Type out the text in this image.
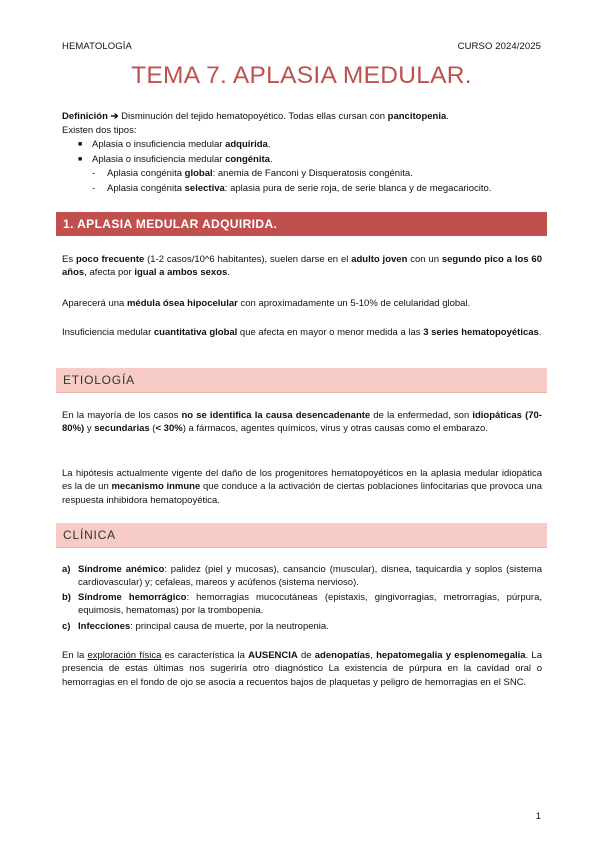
HEMATOLOGÍA	CURSO 2024/2025
TEMA 7. APLASIA MEDULAR.
Definición ➔ Disminución del tejido hematopoyético. Todas ellas cursan con pancitopenia.
Existen dos tipos:
■ Aplasia o insuficiencia medular adquirida.
■ Aplasia o insuficiencia medular congénita.
- Aplasia congénita global: anemia de Fanconi y Disqueratosis congénita.
- Aplasia congénita selectiva: aplasia pura de serie roja, de serie blanca y de megacariocito.
1. APLASIA MEDULAR ADQUIRIDA.
Es poco frecuente (1-2 casos/10^6 habitantes), suelen darse en el adulto joven con un segundo pico a los 60 años, afecta por igual a ambos sexos.
Aparecerá una médula ósea hipocelular con aproximadamente un 5-10% de celularidad global.
Insuficiencia medular cuantitativa global que afecta en mayor o menor medida a las 3 series hematopoyéticas.
ETIOLOGÍA
En la mayoría de los casos no se identifica la causa desencadenante de la enfermedad, son idiopáticas (70-80%) y secundarias (< 30%) a fármacos, agentes químicos, virus y otras causas como el embarazo.
La hipótesis actualmente vigente del daño de los progenitores hematopoyéticos en la aplasia medular idiopática es la de un mecanismo inmune que conduce a la activación de ciertas poblaciones linfocitarias que provoca una respuesta inhibidora hematopoyética.
CLÍNICA
a) Síndrome anémico: palidez (piel y mucosas), cansancio (muscular), disnea, taquicardia y soplos (sistema cardiovascular) y; cefaleas, mareos y acúfenos (sistema nervioso).
b) Síndrome hemorrágico: hemorragias mucocutáneas (epistaxis, gingivorragias, metrorragias, púrpura, equimosis, hematomas) por la trombopenia.
c) Infecciones: principal causa de muerte, por la neutropenia.
En la exploración física es característica la AUSENCIA de adenopatías, hepatomegalia y esplenomegalia. La presencia de estas últimas nos sugeriría otro diagnóstico La existencia de púrpura en la cavidad oral o hemorragias en el fondo de ojo se asocia a recuentos bajos de plaquetas y peligro de hemorragias en el SNC.
1
